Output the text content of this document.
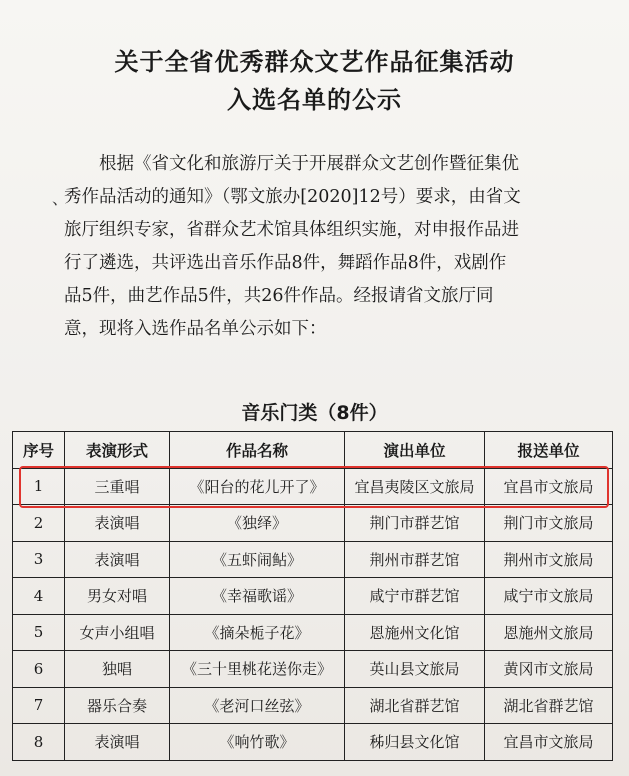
关于全省优秀群众文艺作品征集活动
入选名单的公示
、
根据《省文化和旅游厅关于开展群众文艺创作暨征集优
秀作品活动的通知》（鄂文旅办[2020]12号）要求，由省文
旅厅组织专家，省群众艺术馆具体组织实施，对申报作品进
行了遴选，共评选出音乐作品8件，舞蹈作品8件，戏剧作
品5件，曲艺作品5件，共26件作品。经报请省文旅厅同
意，现将入选作品名单公示如下：
音乐门类（8件）
序号	表演形式	作品名称	演出单位	报送单位
1	三重唱	《阳台的花儿开了》	宜昌夷陵区文旅局	宜昌市文旅局
2	表演唱	《独绎》	荆门市群艺馆	荆门市文旅局
3	表演唱	《五虾闹鲇》	荆州市群艺馆	荆州市文旅局
4	男女对唱	《幸福歌谣》	咸宁市群艺馆	咸宁市文旅局
5	女声小组唱	《摘朵栀子花》	恩施州文化馆	恩施州文旅局
6	独唱	《三十里桃花送你走》	英山县文旅局	黄冈市文旅局
7	器乐合奏	《老河口丝弦》	湖北省群艺馆	湖北省群艺馆
8	表演唱	《响竹歌》	秭归县文化馆	宜昌市文旅局
